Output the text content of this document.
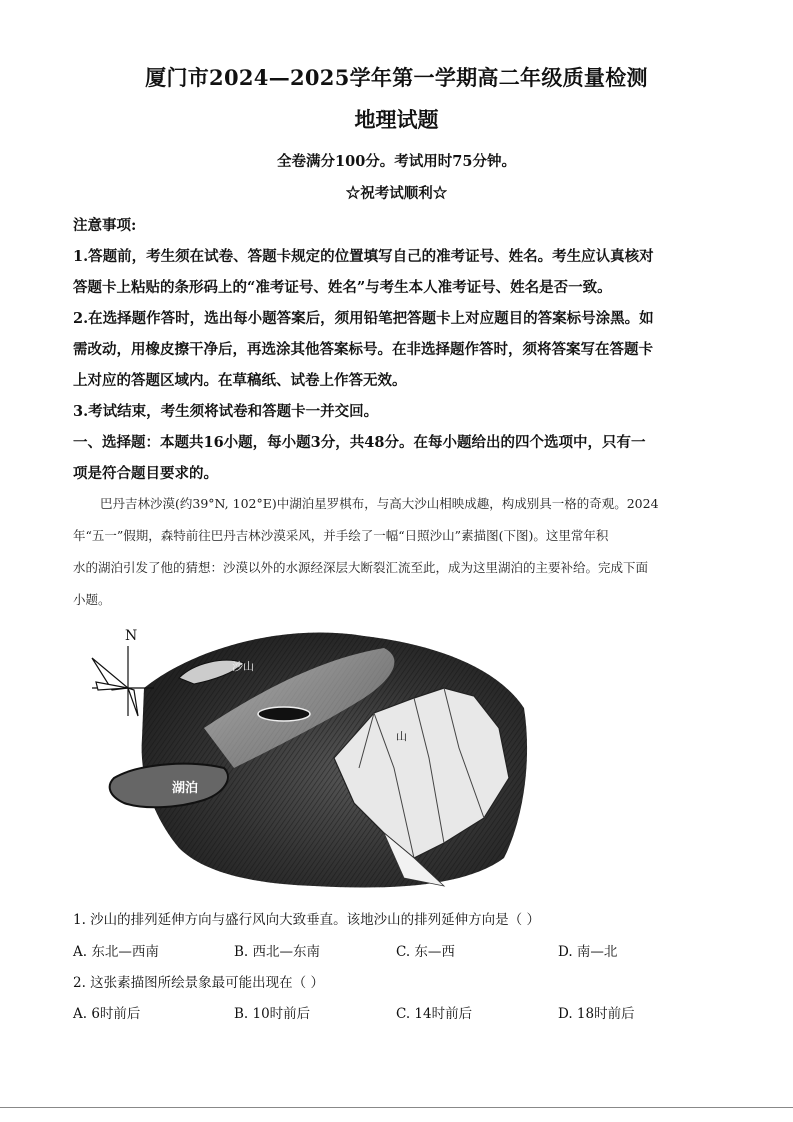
厦门市2024—2025学年第一学期高二年级质量检测
地理试题
全卷满分100分。考试用时75分钟。
☆祝考试顺利☆
注意事项:
1.答题前，考生须在试卷、答题卡规定的位置填写自己的准考证号、姓名。考生应认真核对
答题卡上粘贴的条形码上的“准考证号、姓名”与考生本人准考证号、姓名是否一致。
2.在选择题作答时，选出每小题答案后，须用铅笔把答题卡上对应题目的答案标号涂黑。如
需改动，用橡皮擦干净后，再选涂其他答案标号。在非选择题作答时，须将答案写在答题卡
上对应的答题区域内。在草稿纸、试卷上作答无效。
3.考试结束，考生须将试卷和答题卡一并交回。
一、选择题：本题共16小题，每小题3分，共48分。在每小题给出的四个选项中，只有一
项是符合题目要求的。
巴丹吉林沙漠(约39°N, 102°E)中湖泊星罗棋布，与高大沙山相映成趣，构成别具一格的奇观。2024
年“五一”假期，森特前往巴丹吉林沙漠采风，并手绘了一幅“日照沙山”素描图(下图)。这里常年积
水的湖泊引发了他的猜想：沙漠以外的水源经深层大断裂汇流至此，成为这里湖泊的主要补给。完成下面
小题。
N
沙山
湖泊
山
1. 沙山的排列延伸方向与盛行风向大致垂直。该地沙山的排列延伸方向是（ ）
A. 东北—西南	B. 西北—东南	C. 东—西	D. 南—北
2. 这张素描图所绘景象最可能出现在（ ）
A. 6时前后	B. 10时前后	C. 14时前后	D. 18时前后
